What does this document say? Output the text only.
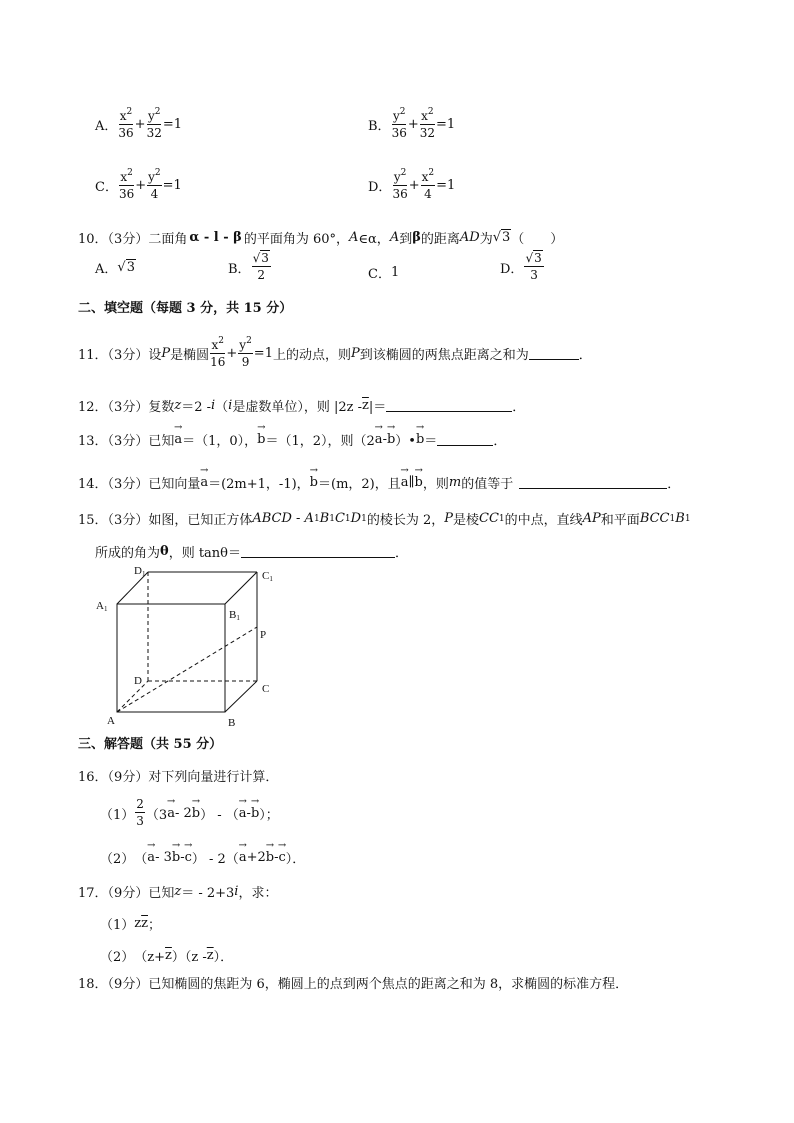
A．
$x^2$
36
+ $\frac{y^2}{32} =1$	B．
$y^2$
36
+ $\frac{x^2}{32} =1$
C．
$x^2$
36
+ $\frac{y^2}{4} =1$	D．
$y^2$
36
+ $\frac{x^2}{4} = 1$
10．（3分） 二面角 α - l - β 的平面角为 60°， A ∈α， A 到 β 的距离 AD 为 √3 （　　）
A． √3	B．
√3
2	C． 1	D．
√3
3
二、填空题（每题 3 分，共 15 分）
11．（3分）设 P 是椭圆
$x^2$
16
+ $\frac{y^2}{9} =1$ 上的动点，则 P 到该椭圆的两焦点距离之和为	．
12．（3分）复数 z ＝2 - i （ i 是虚数单位），则 $|2z - \overline{z}$ |＝	．
13．（3分）已知 → a ＝（1，0）， → b ＝（1，2），则（2 → a - → b ）• → b ＝	．
14．（3分）已知向量 → a ＝(2m+1，-1)， → b ＝(m，2)，且 → a ∥ → b ，则 m 的值等于	．
15．（3分）如图，已知正方体 ABCD - A 1 B 1 C 1 D 1 的棱长为 2， P 是棱 CC 1 的中点，直线 AP 和平面 BCC 1 B 1
所成的角为 θ ，则 tanθ＝	．
D1	C1
A1	B1
P
D
C
A	B
三、解答题（共 55 分）
16．（9分）对下列向量进行计算．
（1）
2
3 （3 → a - 2 → b ） - （ → a - → b ）；
（2） （ → a - 3 → b - → c ） - 2（ → a +2 → b - → c ）．
17．（9分）已知 z ＝ - 2+3 i ，求：
（1） z $\overline{z}$ ；
（2） （$z+ \overline{z}$ ）（$z - \overline{z}$ ）．
18．（9分）已知椭圆的焦距为 6，椭圆上的点到两个焦点的距离之和为 8，求椭圆的标准方程．
